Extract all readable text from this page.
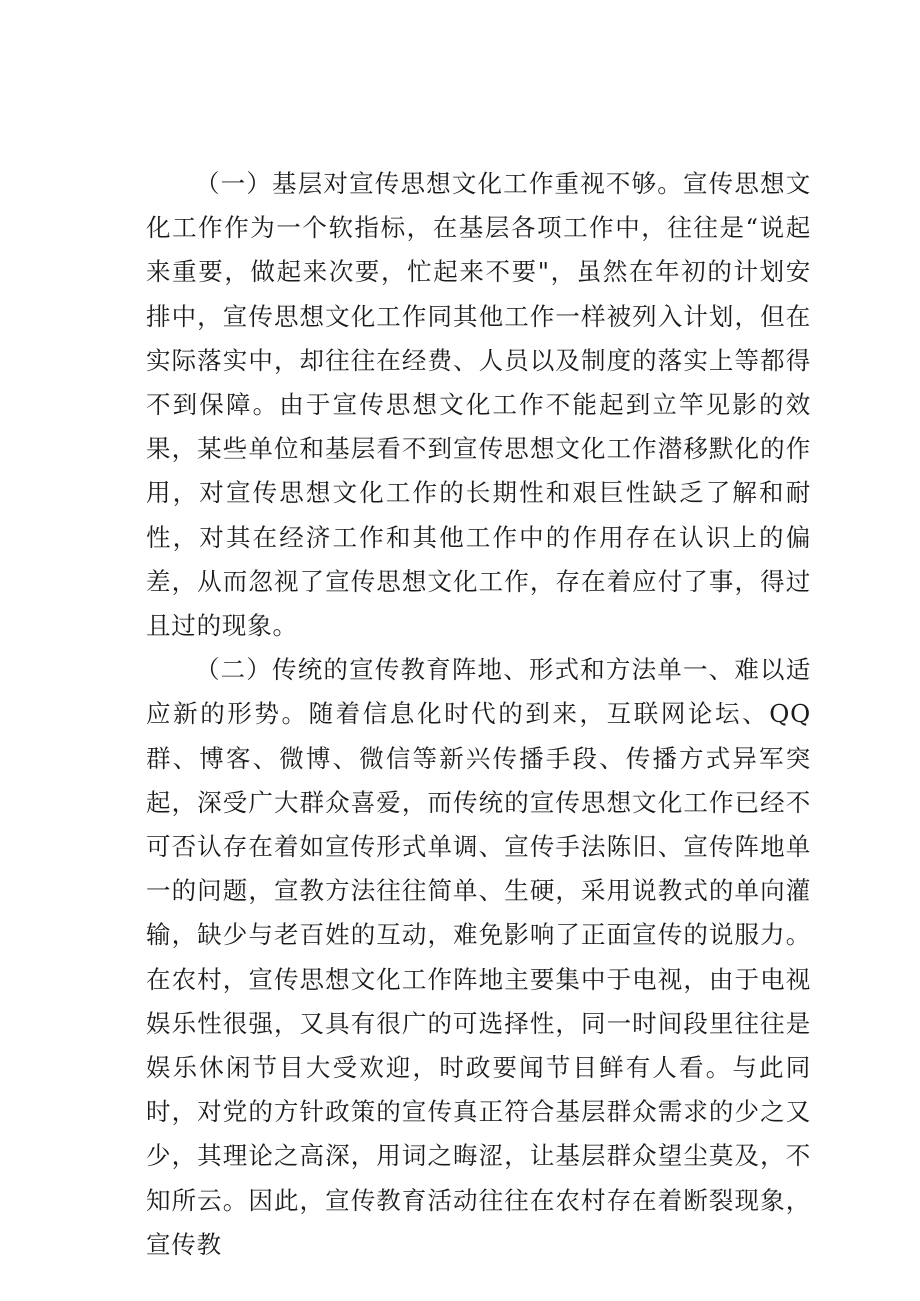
（一）基层对宣传思想文化工作重视不够。宣传思想文化工作作为一个软指标，在基层各项工作中，往往是“说起来重要，做起来次要，忙起来不要"，虽然在年初的计划安排中，宣传思想文化工作同其他工作一样被列入计划，但在实际落实中，却往往在经费、人员以及制度的落实上等都得不到保障。由于宣传思想文化工作不能起到立竿见影的效果，某些单位和基层看不到宣传思想文化工作潜移默化的作用，对宣传思想文化工作的长期性和艰巨性缺乏了解和耐性，对其在经济工作和其他工作中的作用存在认识上的偏差，从而忽视了宣传思想文化工作，存在着应付了事，得过且过的现象。

（二）传统的宣传教育阵地、形式和方法单一、难以适应新的形势。随着信息化时代的到来，互联网论坛、QQ群、博客、微博、微信等新兴传播手段、传播方式异军突起，深受广大群众喜爱，而传统的宣传思想文化工作已经不可否认存在着如宣传形式单调、宣传手法陈旧、宣传阵地单一的问题，宣教方法往往简单、生硬，采用说教式的单向灌输，缺少与老百姓的互动，难免影响了正面宣传的说服力。在农村，宣传思想文化工作阵地主要集中于电视，由于电视娱乐性很强，又具有很广的可选择性，同一时间段里往往是娱乐休闲节目大受欢迎，时政要闻节目鲜有人看。与此同时，对党的方针政策的宣传真正符合基层群众需求的少之又少，其理论之高深，用词之晦涩，让基层群众望尘莫及，不知所云。因此，宣传教育活动往往在农村存在着断裂现象，宣传教
